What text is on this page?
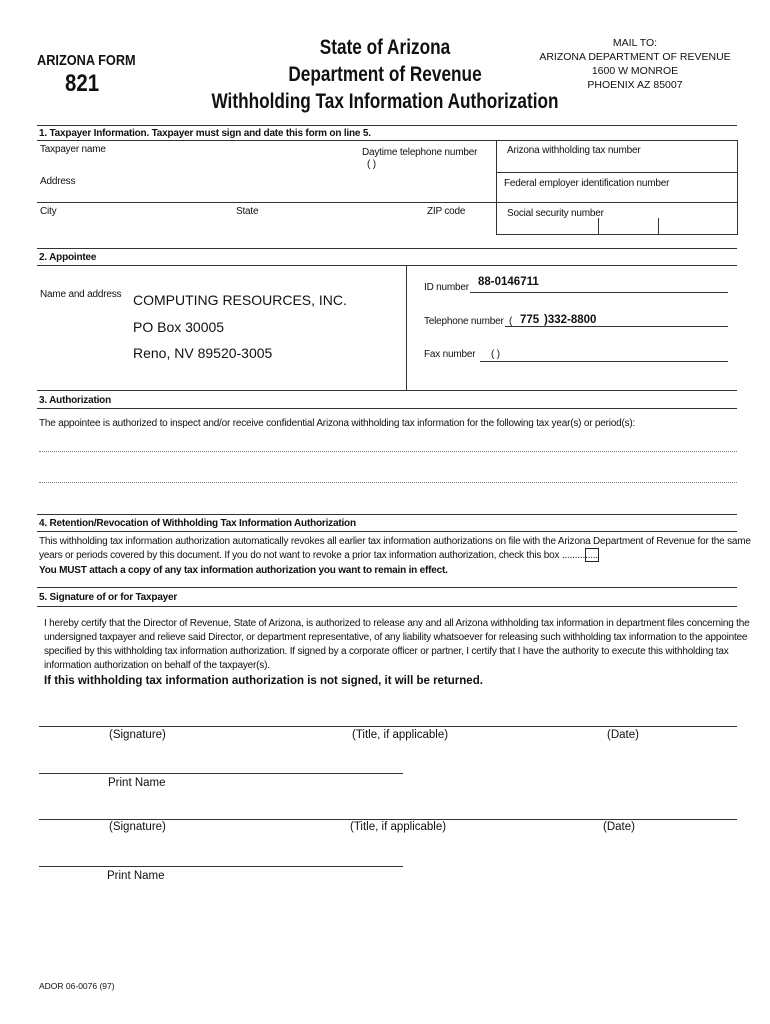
ARIZONA FORM
821
State of Arizona
Department of Revenue
Withholding Tax Information Authorization
MAIL TO:
ARIZONA DEPARTMENT OF REVENUE
1600 W MONROE
PHOENIX AZ 85007
1. Taxpayer Information. Taxpayer must sign and date this form on line 5.
Taxpayer name	Daytime telephone number
( )
Arizona withholding tax number
Address	Federal employer identification number
City	State	ZIP code	Social security number
2. Appointee
Name and address COMPUTING RESOURCES, INC.
PO Box 30005
Reno, NV 89520-3005
ID number 88-0146711
Telephone number ( 775 )332-8800
Fax number ( )
3. Authorization
The appointee is authorized to inspect and/or receive confidential Arizona withholding tax information for the following tax year(s) or period(s):
4. Retention/Revocation of Withholding Tax Information Authorization
This withholding tax information authorization automatically revokes all earlier tax information authorizations on file with the Arizona Department of Revenue for the same
years or periods covered by this document. If you do not want to revoke a prior tax information authorization, check this box ..............
You MUST attach a copy of any tax information authorization you want to remain in effect.
5. Signature of or for Taxpayer
I hereby certify that the Director of Revenue, State of Arizona, is authorized to release any and all Arizona withholding tax information in department files concerning the
undersigned taxpayer and relieve said Director, or department representative, of any liability whatsoever for releasing such withholding tax information to the appointee
specified by this withholding tax information authorization. If signed by a corporate officer or partner, I certify that I have the authority to execute this withholding tax
information authorization on behalf of the taxpayer(s).
If this withholding tax information authorization is not signed, it will be returned.
(Signature)	(Title, if applicable)	(Date)
Print Name
(Signature)	(Title, if applicable)	(Date)
Print Name
ADOR 06-0076 (97)
